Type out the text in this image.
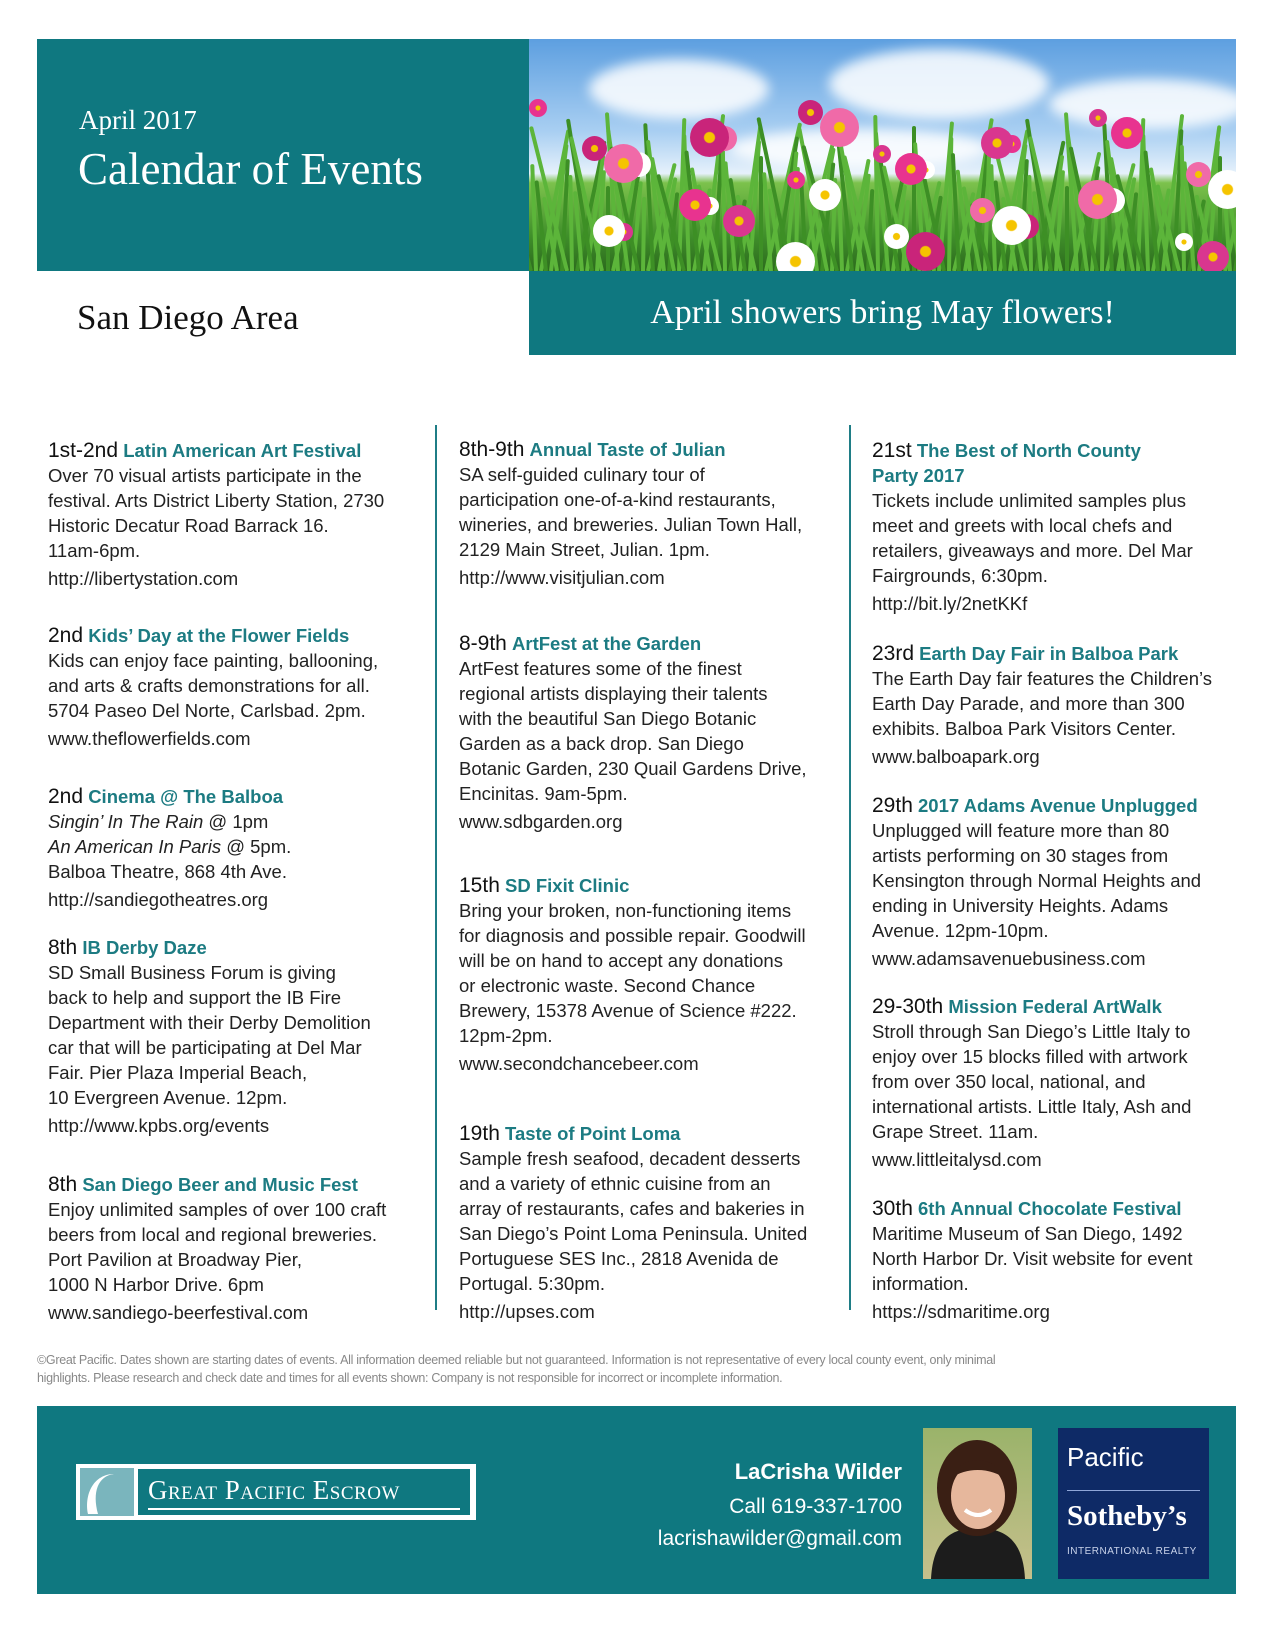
April 2017
Calendar of Events
April showers bring May flowers!
San Diego Area
1st-2nd Latin American Art Festival
Over 70 visual artists participate in the
festival. Arts District Liberty Station, 2730
Historic Decatur Road Barrack 16.
11am-6pm.
http://libertystation.com
2nd Kids’ Day at the Flower Fields
Kids can enjoy face painting, ballooning,
and arts & crafts demonstrations for all.
5704 Paseo Del Norte, Carlsbad. 2pm.
www.theflowerfields.com
2nd Cinema @ The Balboa
Singin’ In The Rain @ 1pm
An American In Paris @ 5pm.
Balboa Theatre, 868 4th Ave.
http://sandiegotheatres.org
8th IB Derby Daze
SD Small Business Forum is giving
back to help and support the IB Fire
Department with their Derby Demolition
car that will be participating at Del Mar
Fair. Pier Plaza Imperial Beach,
10 Evergreen Avenue. 12pm.
http://www.kpbs.org/events
8th San Diego Beer and Music Fest
Enjoy unlimited samples of over 100 craft
beers from local and regional breweries.
Port Pavilion at Broadway Pier,
1000 N Harbor Drive. 6pm
www.sandiego-beerfestival.com
8th-9th Annual Taste of Julian
SA self-guided culinary tour of
participation one-of-a-kind restaurants,
wineries, and breweries. Julian Town Hall,
2129 Main Street, Julian. 1pm.
http://www.visitjulian.com
8-9th ArtFest at the Garden
ArtFest features some of the finest
regional artists displaying their talents
with the beautiful San Diego Botanic
Garden as a back drop. San Diego
Botanic Garden, 230 Quail Gardens Drive,
Encinitas. 9am-5pm.
www.sdbgarden.org
15th SD Fixit Clinic
Bring your broken, non-functioning items
for diagnosis and possible repair. Goodwill
will be on hand to accept any donations
or electronic waste. Second Chance
Brewery, 15378 Avenue of Science #222.
12pm-2pm.
www.secondchancebeer.com
19th Taste of Point Loma
Sample fresh seafood, decadent desserts
and a variety of ethnic cuisine from an
array of restaurants, cafes and bakeries in
San Diego’s Point Loma Peninsula. United
Portuguese SES Inc., 2818 Avenida de
Portugal. 5:30pm.
http://upses.com
21st The Best of North County
Party 2017
Tickets include unlimited samples plus
meet and greets with local chefs and
retailers, giveaways and more. Del Mar
Fairgrounds, 6:30pm.
http://bit.ly/2netKKf
23rd Earth Day Fair in Balboa Park
The Earth Day fair features the Children’s
Earth Day Parade, and more than 300
exhibits. Balboa Park Visitors Center.
www.balboapark.org
29th 2017 Adams Avenue Unplugged
Unplugged will feature more than 80
artists performing on 30 stages from
Kensington through Normal Heights and
ending in University Heights. Adams
Avenue. 12pm-10pm.
www.adamsavenuebusiness.com
29-30th Mission Federal ArtWalk
Stroll through San Diego’s Little Italy to
enjoy over 15 blocks filled with artwork
from over 350 local, national, and
international artists. Little Italy, Ash and
Grape Street. 11am.
www.littleitalysd.com
30th 6th Annual Chocolate Festival
Maritime Museum of San Diego, 1492
North Harbor Dr. Visit website for event
information.
https://sdmaritime.org
©Great Pacific. Dates shown are starting dates of events. All information deemed reliable but not guaranteed. Information is not representative of every local county event, only minimal
highlights. Please research and check date and times for all events shown: Company is not responsible for incorrect or incomplete information.
Great Pacific Escrow
LaCrisha Wilder
Call 619-337-1700
lacrishawilder@gmail.com
Pacific
Sotheby’s
INTERNATIONAL REALTY
